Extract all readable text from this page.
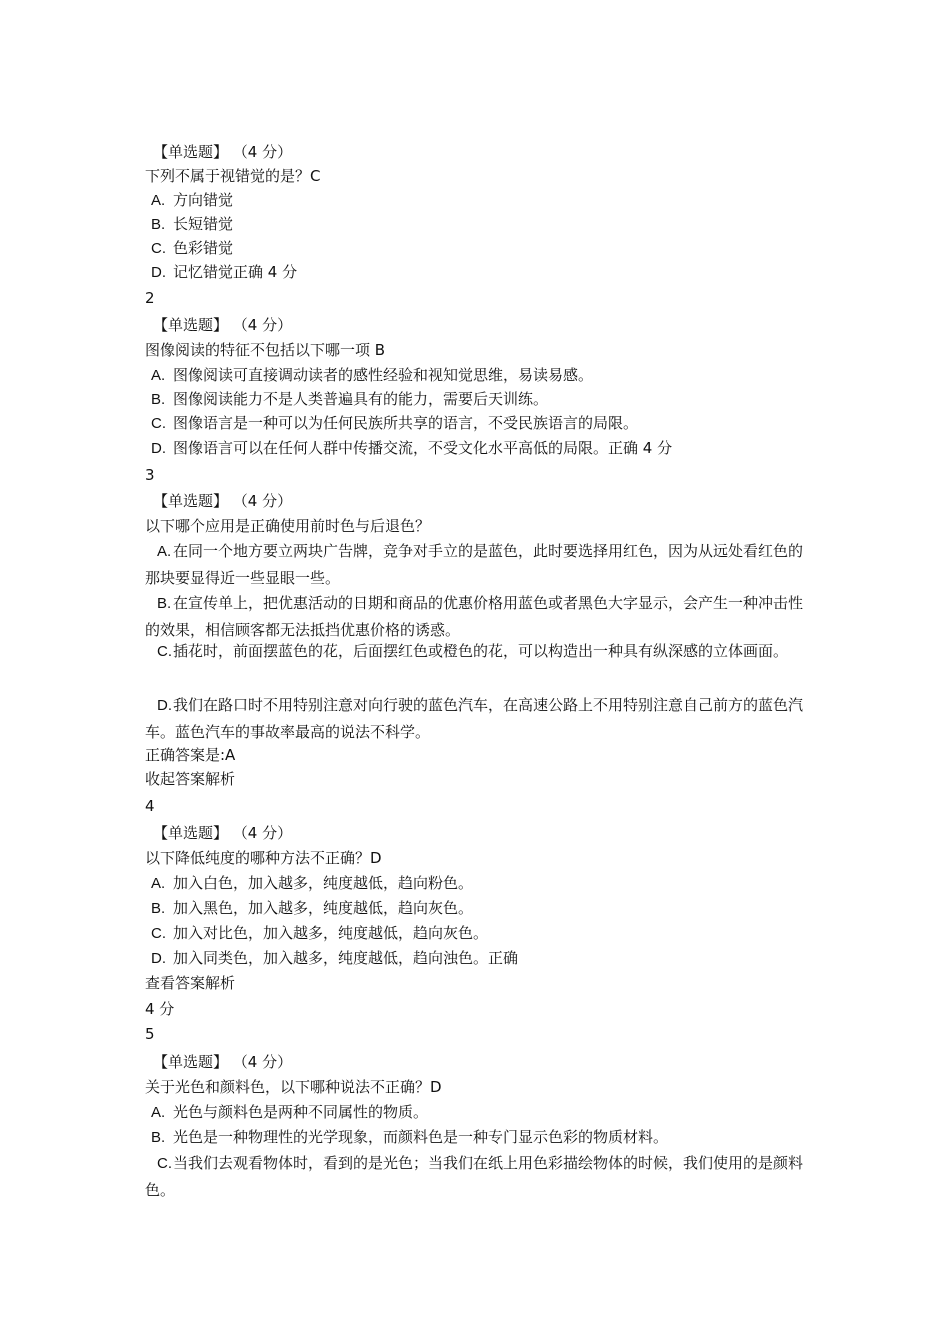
【单选题】 （4 分）
下列不属于视错觉的是？C
A. 方向错觉
B. 长短错觉
C. 色彩错觉
D. 记忆错觉正确 4 分
2
【单选题】 （4 分）
图像阅读的特征不包括以下哪一项 B
A. 图像阅读可直接调动读者的感性经验和视知觉思维，易读易感。
B. 图像阅读能力不是人类普遍具有的能力，需要后天训练。
C. 图像语言是一种可以为任何民族所共享的语言，不受民族语言的局限。
D. 图像语言可以在任何人群中传播交流，不受文化水平高低的局限。正确 4 分
3
【单选题】 （4 分）
以下哪个应用是正确使用前时色与后退色？
A. 在同一个地方要立两块广告牌，竞争对手立的是蓝色，此时要选择用红色，因为从远处看红色的那块要显得近一些显眼一些。
B. 在宣传单上，把优惠活动的日期和商品的优惠价格用蓝色或者黑色大字显示，会产生一种冲击性的效果，相信顾客都无法抵挡优惠价格的诱惑。
C.插花时，前面摆蓝色的花，后面摆红色或橙色的花，可以构造出一种具有纵深感的立体画面。
D.我们在路口时不用特别注意对向行驶的蓝色汽车，在高速公路上不用特别注意自己前方的蓝色汽车。蓝色汽车的事故率最高的说法不科学。
正确答案是:A
收起答案解析
4
【单选题】 （4 分）
以下降低纯度的哪种方法不正确？D
A. 加入白色，加入越多，纯度越低，趋向粉色。
B. 加入黑色，加入越多，纯度越低，趋向灰色。
C. 加入对比色，加入越多，纯度越低，趋向灰色。
D. 加入同类色，加入越多，纯度越低，趋向浊色。正确
查看答案解析
4 分
5
【单选题】 （4 分）
关于光色和颜料色，以下哪种说法不正确？D
A. 光色与颜料色是两种不同属性的物质。
B. 光色是一种物理性的光学现象，而颜料色是一种专门显示色彩的物质材料。
C.当我们去观看物体时，看到的是光色；当我们在纸上用色彩描绘物体的时候，我们使用的是颜料色。
